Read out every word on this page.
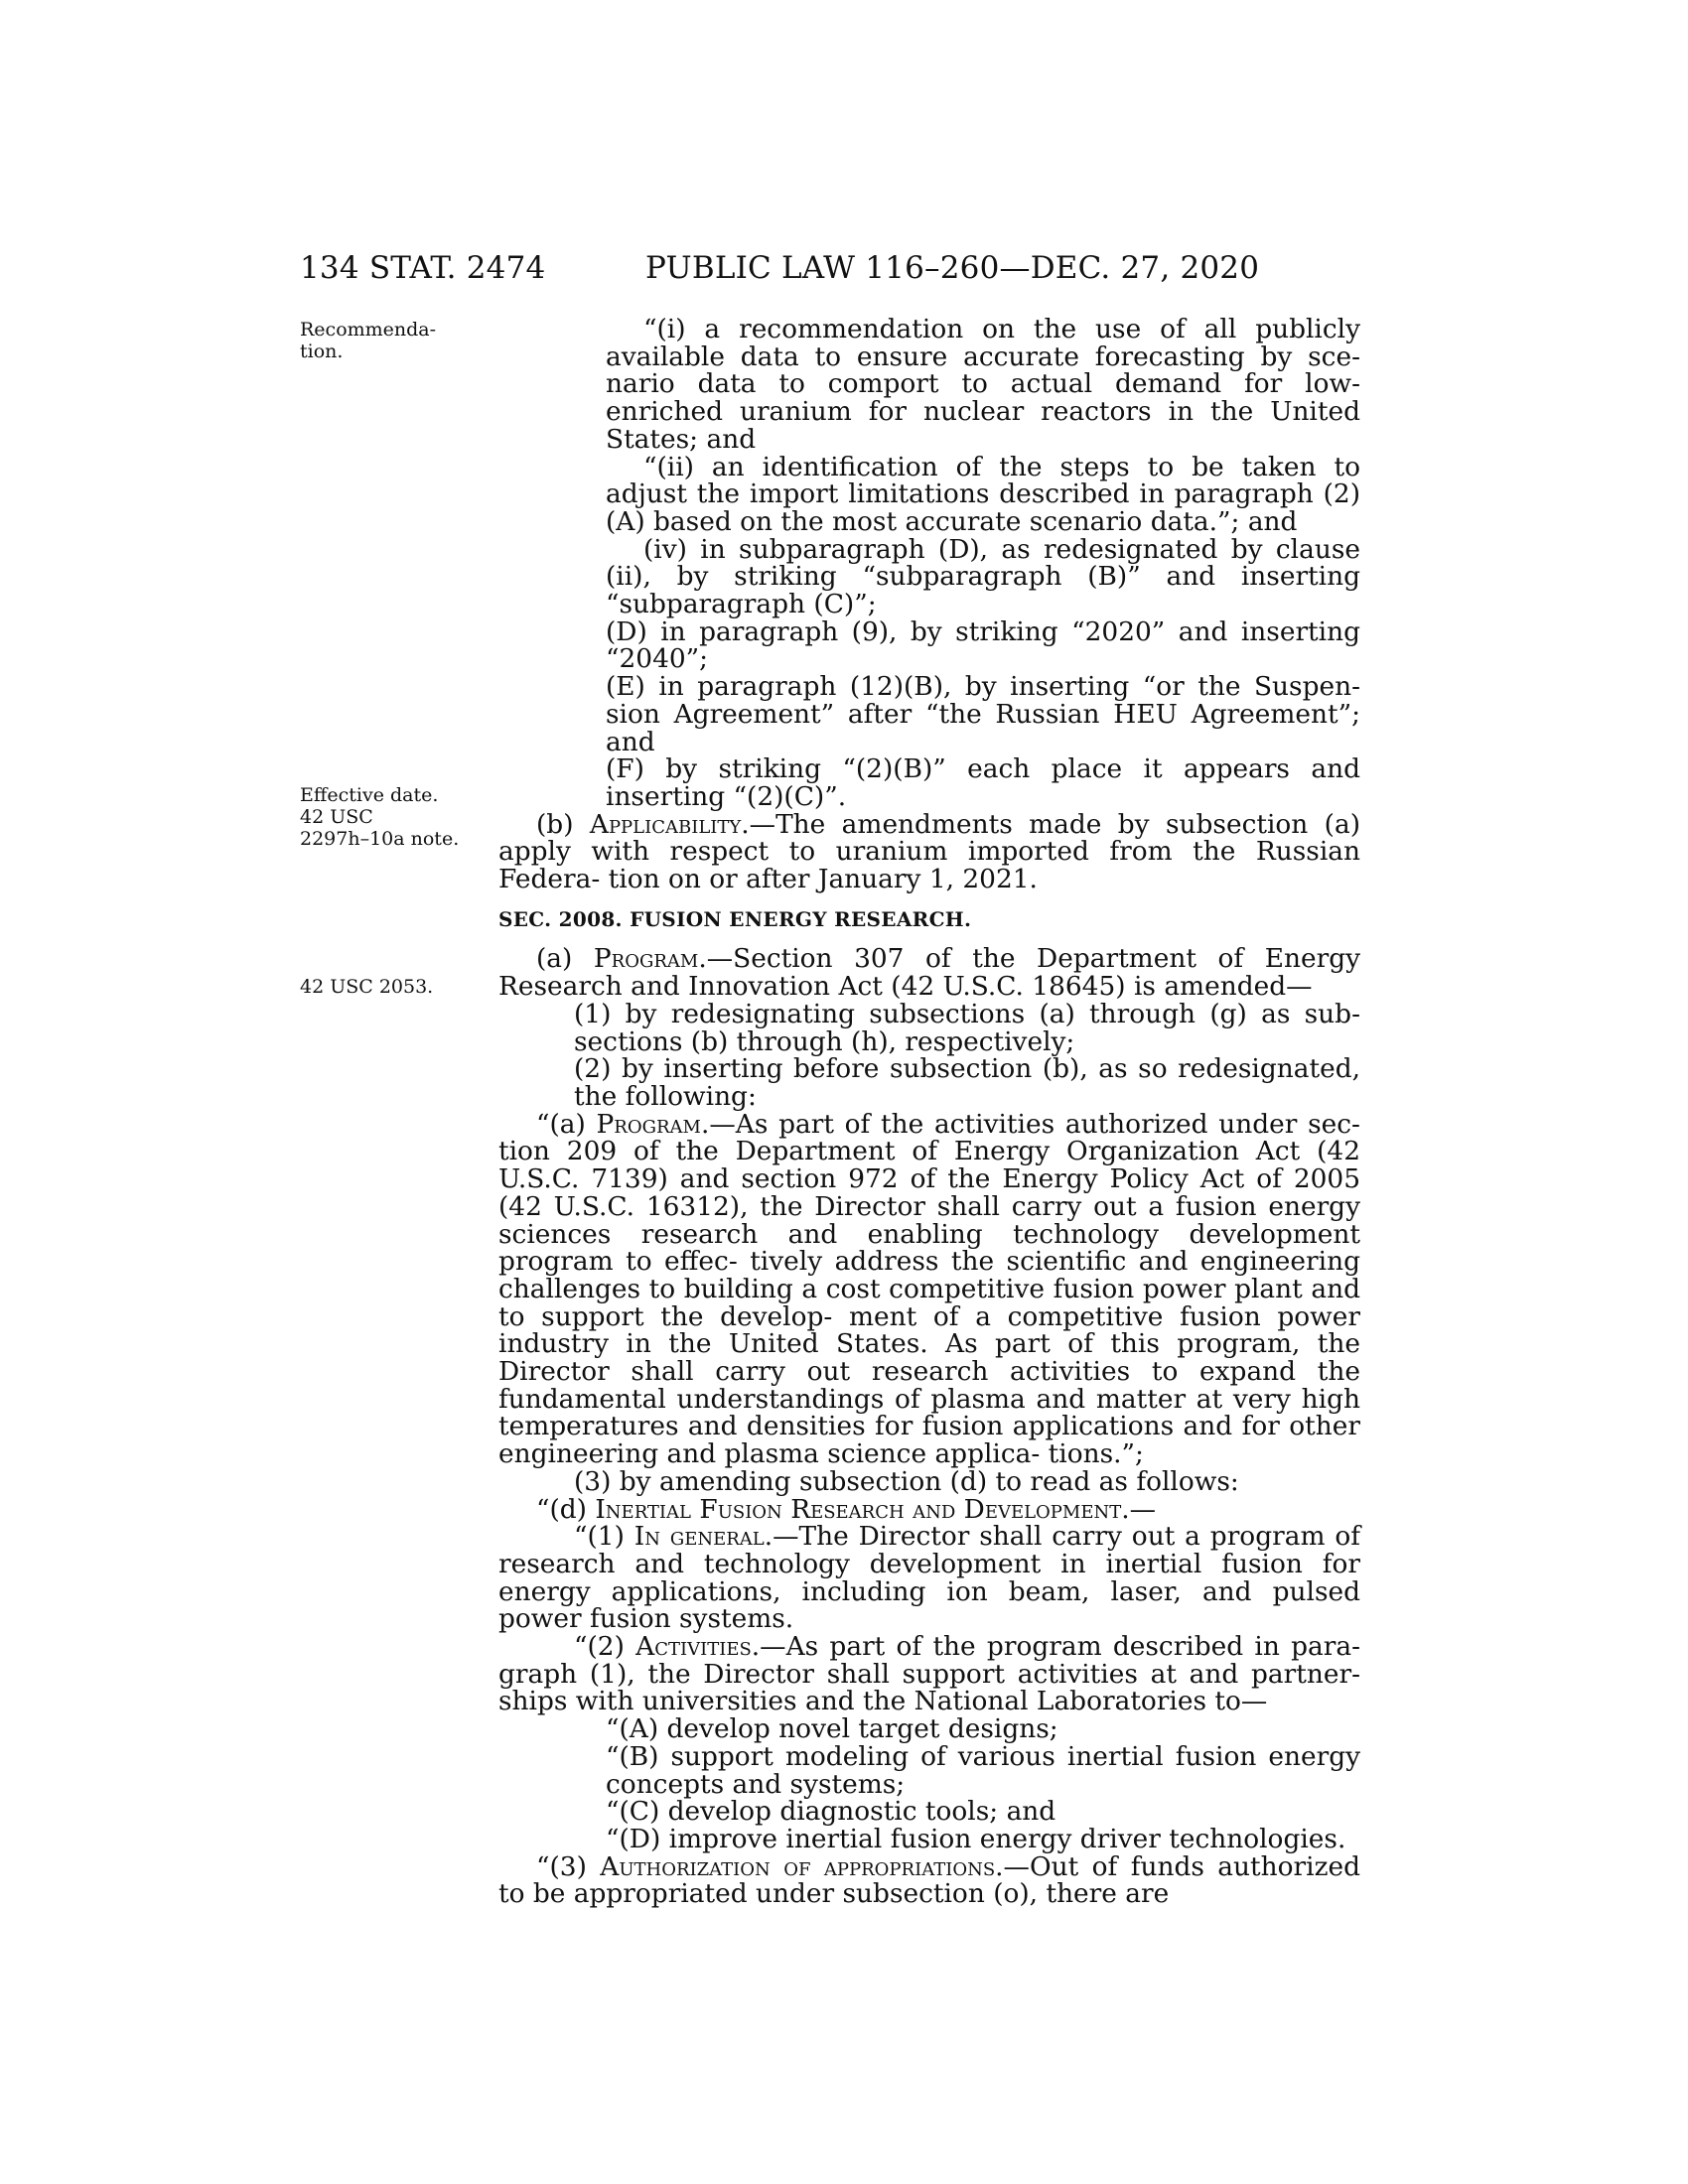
134 STAT. 2474	PUBLIC LAW 116–260—DEC. 27, 2020
Recommenda-
tion.
Effective date.
42 USC
2297h–10a note.
42 USC 2053.

“(i) a recommendation on the use of all publicly available data to ensure accurate forecasting by sce- nario data to comport to actual demand for low- enriched uranium for nuclear reactors in the United States; and

“(ii) an identification of the steps to be taken to adjust the import limitations described in paragraph (2)(A) based on the most accurate scenario data.”; and

(iv) in subparagraph (D), as redesignated by clause (ii), by striking “subparagraph (B)” and inserting “subparagraph (C)”;

(D) in paragraph (9), by striking “2020” and inserting “2040”;

(E) in paragraph (12)(B), by inserting “or the Suspen- sion Agreement” after “the Russian HEU Agreement”; and

(F) by striking “(2)(B)” each place it appears and inserting “(2)(C)”.

(b) Applicability.—The amendments made by subsection (a) apply with respect to uranium imported from the Russian Federa- tion on or after January 1, 2021.

SEC. 2008. FUSION ENERGY RESEARCH.

(a) Program.—Section 307 of the Department of Energy Research and Innovation Act (42 U.S.C. 18645) is amended—

(1) by redesignating subsections (a) through (g) as sub- sections (b) through (h), respectively;

(2) by inserting before subsection (b), as so redesignated, the following:

“(a) Program.—As part of the activities authorized under sec- tion 209 of the Department of Energy Organization Act (42 U.S.C. 7139) and section 972 of the Energy Policy Act of 2005 (42 U.S.C. 16312), the Director shall carry out a fusion energy sciences research and enabling technology development program to effec- tively address the scientific and engineering challenges to building a cost competitive fusion power plant and to support the develop- ment of a competitive fusion power industry in the United States. As part of this program, the Director shall carry out research activities to expand the fundamental understandings of plasma and matter at very high temperatures and densities for fusion applications and for other engineering and plasma science applica- tions.”;

(3) by amending subsection (d) to read as follows:

“(d) Inertial Fusion Research and Development.—

“(1) In general.—The Director shall carry out a program of research and technology development in inertial fusion for energy applications, including ion beam, laser, and pulsed power fusion systems.

“(2) Activities.—As part of the program described in para- graph (1), the Director shall support activities at and partner- ships with universities and the National Laboratories to—

“(A) develop novel target designs;

“(B) support modeling of various inertial fusion energy concepts and systems;

“(C) develop diagnostic tools; and

“(D) improve inertial fusion energy driver technologies.

“(3) Authorization of appropriations.—Out of funds authorized to be appropriated under subsection (o), there are
